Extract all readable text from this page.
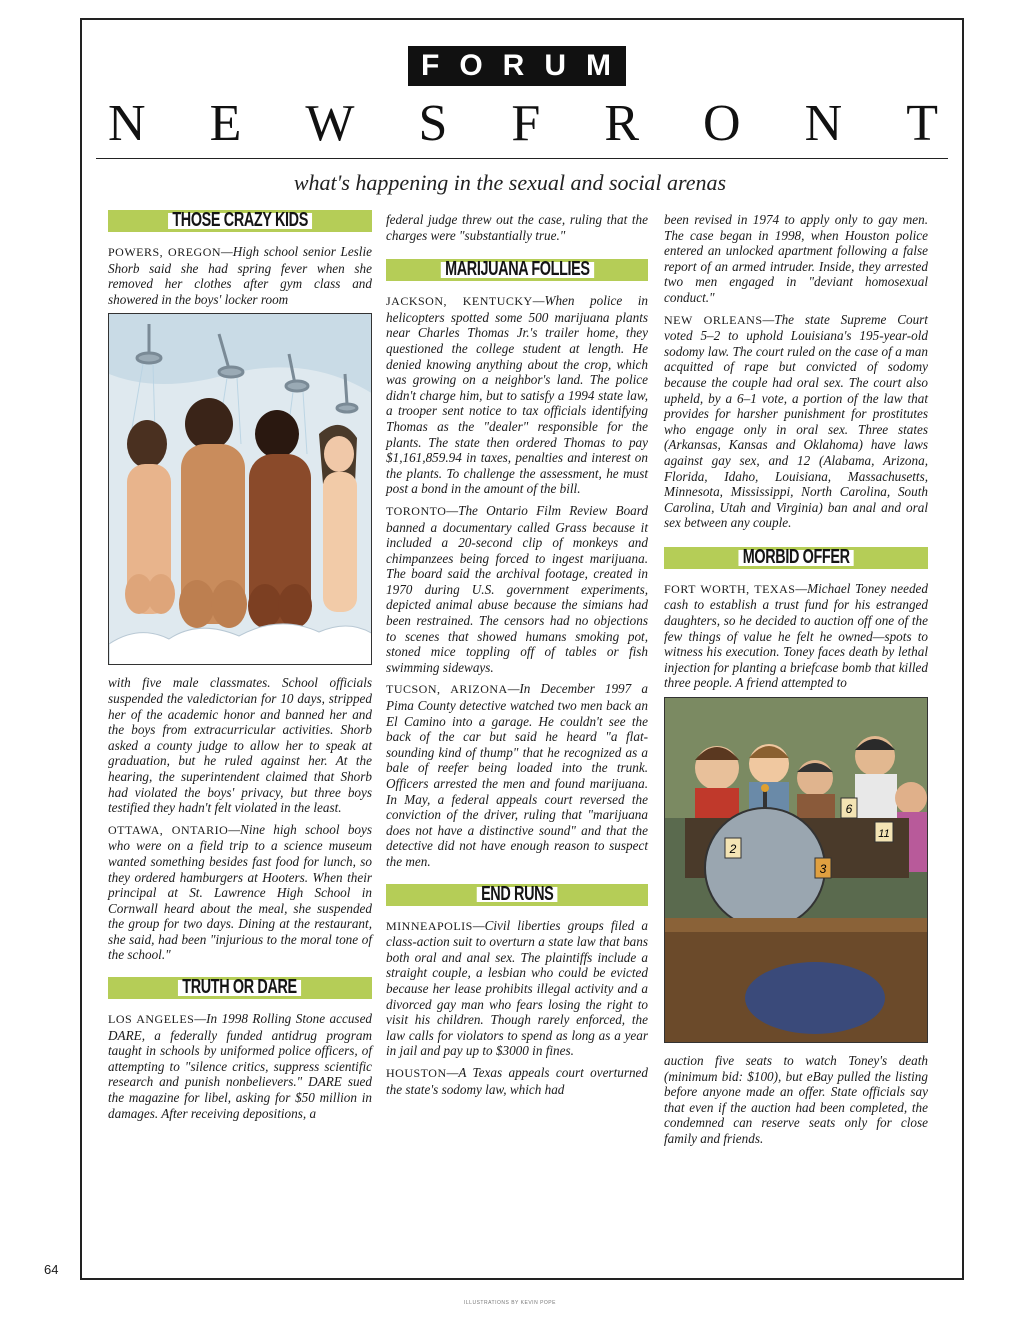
FORUM
N E W S F R O N T
what's happening in the sexual and social arenas
THOSE CRAZY KIDS

POWERS, OREGON—High school senior Leslie Shorb said she had spring fever when she removed her clothes after gym class and showered in the boys' locker room

with five male classmates. School officials suspended the valedictorian for 10 days, stripped her of the academic honor and banned her and the boys from extracurricular activities. Shorb asked a county judge to allow her to speak at graduation, but he ruled against her. At the hearing, the superintendent claimed that Shorb had violated the boys' privacy, but three boys testified they hadn't felt violated in the least.

OTTAWA, ONTARIO—Nine high school boys who were on a field trip to a science museum wanted something besides fast food for lunch, so they ordered hamburgers at Hooters. When their principal at St. Lawrence High School in Cornwall heard about the meal, she suspended the group for two days. Dining at the restaurant, she said, had been "injurious to the moral tone of the school."

TRUTH OR DARE

LOS ANGELES—In 1998 Rolling Stone accused DARE, a federally funded antidrug program taught in schools by uniformed police officers, of attempting to "silence critics, suppress scientific research and punish nonbelievers." DARE sued the magazine for libel, asking for $50 million in damages. After receiving depositions, a

federal judge threw out the case, ruling that the charges were "substantially true."

MARIJUANA FOLLIES

JACKSON, KENTUCKY—When police in helicopters spotted some 500 marijuana plants near Charles Thomas Jr.'s trailer home, they questioned the college student at length. He denied knowing anything about the crop, which was growing on a neighbor's land. The police didn't charge him, but to satisfy a 1994 state law, a trooper sent notice to tax officials identifying Thomas as the "dealer" responsible for the plants. The state then ordered Thomas to pay $1,161,859.94 in taxes, penalties and interest on the plants. To challenge the assessment, he must post a bond in the amount of the bill.

TORONTO—The Ontario Film Review Board banned a documentary called Grass because it included a 20-second clip of monkeys and chimpanzees being forced to ingest marijuana. The board said the archival footage, created in 1970 during U.S. government experiments, depicted animal abuse because the simians had been restrained. The censors had no objections to scenes that showed humans smoking pot, stoned mice toppling off of tables or fish swimming sideways.

TUCSON, ARIZONA—In December 1997 a Pima County detective watched two men back an El Camino into a garage. He couldn't see the back of the car but said he heard "a flat-sounding kind of thump" that he recognized as a bale of reefer being loaded into the trunk. Officers arrested the men and found marijuana. In May, a federal appeals court reversed the conviction of the driver, ruling that "marijuana does not have a distinctive sound" and that the detective did not have enough reason to suspect the men.

END RUNS

MINNEAPOLIS—Civil liberties groups filed a class-action suit to overturn a state law that bans both oral and anal sex. The plaintiffs include a straight couple, a lesbian who could be evicted because her lease prohibits illegal activity and a divorced gay man who fears losing the right to visit his children. Though rarely enforced, the law calls for violators to spend as long as a year in jail and pay up to $3000 in fines.

HOUSTON—A Texas appeals court overturned the state's sodomy law, which had

been revised in 1974 to apply only to gay men. The case began in 1998, when Houston police entered an unlocked apartment following a false report of an armed intruder. Inside, they arrested two men engaged in "deviant homosexual conduct."

NEW ORLEANS—The state Supreme Court voted 5–2 to uphold Louisiana's 195-year-old sodomy law. The court ruled on the case of a man acquitted of rape but convicted of sodomy because the couple had oral sex. The court also upheld, by a 6–1 vote, a portion of the law that provides for harsher punishment for prostitutes who engage only in oral sex. Three states (Arkansas, Kansas and Oklahoma) have laws against gay sex, and 12 (Alabama, Arizona, Florida, Idaho, Louisiana, Massachusetts, Minnesota, Mississippi, North Carolina, South Carolina, Utah and Virginia) ban anal and oral sex between any couple.

MORBID OFFER

FORT WORTH, TEXAS—Michael Toney needed cash to establish a trust fund for his estranged daughters, so he decided to auction off one of the few things of value he felt he owned—spots to witness his execution. Toney faces death by lethal injection for planting a briefcase bomb that killed three people. A friend attempted to

2
6
11
3

auction five seats to watch Toney's death (minimum bid: $100), but eBay pulled the listing before anyone made an offer. State officials say that even if the auction had been completed, the condemned can reserve seats only for close family and friends.

64
ILLUSTRATIONS BY KEVIN POPE
